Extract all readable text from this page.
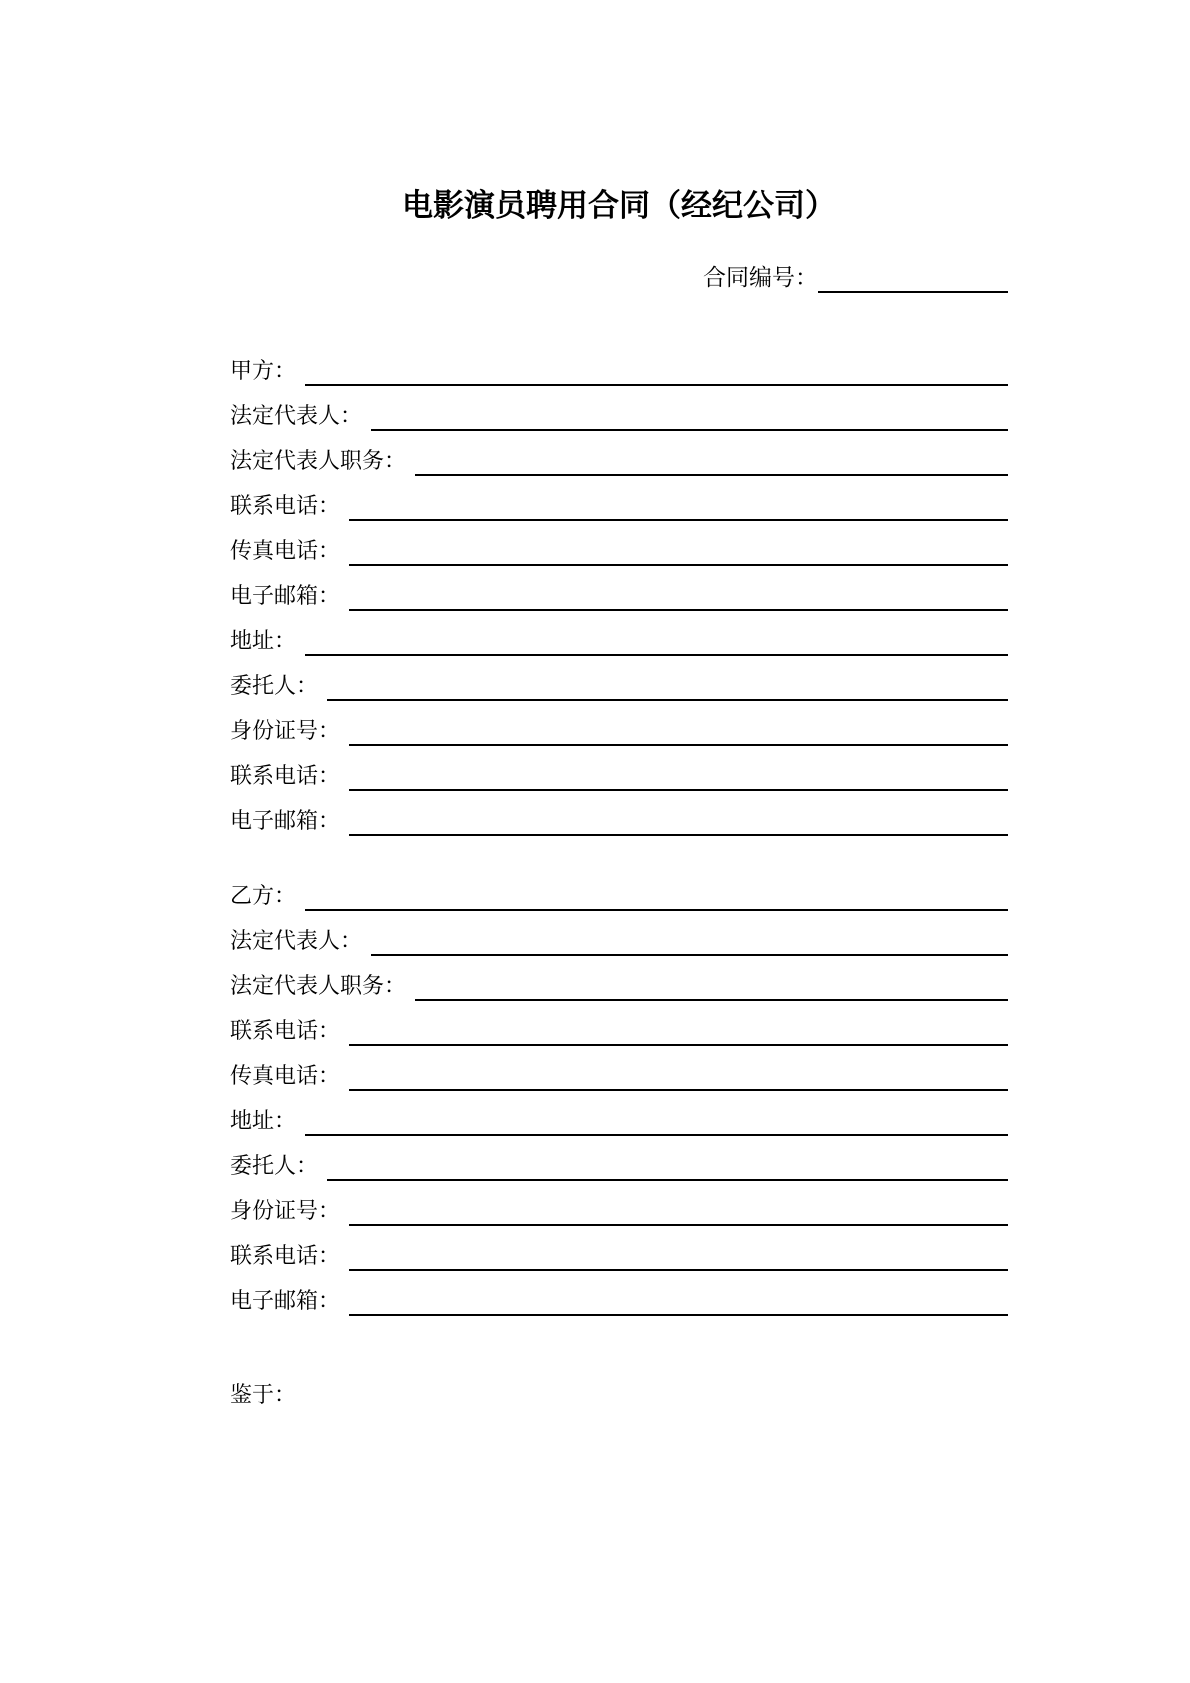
电影演员聘用合同（经纪公司）
合同编号：
甲方：
法定代表人：
法定代表人职务：
联系电话：
传真电话：
电子邮箱：
地址：
委托人：
身份证号：
联系电话：
电子邮箱：
乙方：
法定代表人：
法定代表人职务：
联系电话：
传真电话：
地址：
委托人：
身份证号：
联系电话：
电子邮箱：
鉴于：
